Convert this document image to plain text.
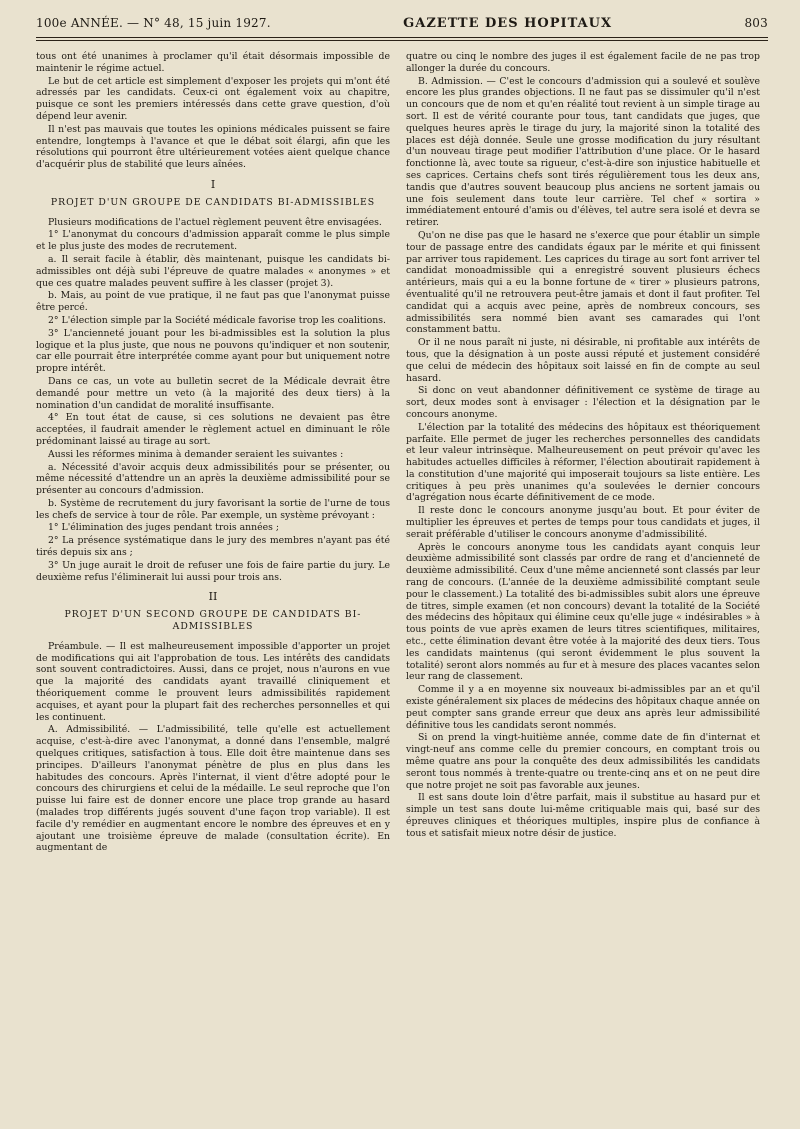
100e ANNÉE. — N° 48, 15 juin 1927.	GAZETTE DES HOPITAUX	803

tous ont été unanimes à proclamer qu'il était désormais impossible de maintenir le régime actuel.

Le but de cet article est simplement d'exposer les projets qui m'ont été adressés par les candidats. Ceux-ci ont également voix au chapitre, puisque ce sont les premiers intéressés dans cette grave question, d'où dépend leur avenir.

Il n'est pas mauvais que toutes les opinions médicales puissent se faire entendre, longtemps à l'avance et que le débat soit élargi, afin que les résolutions qui pourront être ultérieurement votées aient quelque chance d'acquérir plus de stabilité que leurs aînées.

I
PROJET D'UN GROUPE DE CANDIDATS BI-ADMISSIBLES

Plusieurs modifications de l'actuel règlement peuvent être envisagées.

1° L'anonymat du concours d'admission apparaît comme le plus simple et le plus juste des modes de recrutement.

a. Il serait facile à établir, dès maintenant, puisque les candidats bi-admissibles ont déjà subi l'épreuve de quatre malades « anonymes » et que ces quatre malades peuvent suffire à les classer (projet 3).

b. Mais, au point de vue pratique, il ne faut pas que l'anonymat puisse être percé.

2° L'élection simple par la Société médicale favorise trop les coalitions.

3° L'ancienneté jouant pour les bi-admissibles est la solution la plus logique et la plus juste, que nous ne pouvons qu'indiquer et non soutenir, car elle pourrait être interprétée comme ayant pour but uniquement notre propre intérêt.

Dans ce cas, un vote au bulletin secret de la Médicale devrait être demandé pour mettre un veto (à la majorité des deux tiers) à la nomination d'un candidat de moralité insuffisante.

4° En tout état de cause, si ces solutions ne devaient pas être acceptées, il faudrait amender le règlement actuel en diminuant le rôle prédominant laissé au tirage au sort.

Aussi les réformes minima à demander seraient les suivantes :

a. Nécessité d'avoir acquis deux admissibilités pour se présenter, ou même nécessité d'attendre un an après la deuxième admissibilité pour se présenter au concours d'admission.

b. Système de recrutement du jury favorisant la sortie de l'urne de tous les chefs de service à tour de rôle. Par exemple, un système prévoyant :

1° L'élimination des juges pendant trois années ;

2° La présence systématique dans le jury des membres n'ayant pas été tirés depuis six ans ;

3° Un juge aurait le droit de refuser une fois de faire partie du jury. Le deuxième refus l'éliminerait lui aussi pour trois ans.

II
PROJET D'UN SECOND GROUPE DE CANDIDATS BI-ADMISSIBLES

Préambule. — Il est malheureusement impossible d'apporter un projet de modifications qui ait l'approbation de tous. Les intérêts des candidats sont souvent contradictoires. Aussi, dans ce projet, nous n'aurons en vue que la majorité des candidats ayant travaillé cliniquement et théoriquement comme le prouvent leurs admissibilités rapidement acquises, et ayant pour la plupart fait des recherches personnelles et qui les continuent.

A. Admissibilité. — L'admissibilité, telle qu'elle est actuellement acquise, c'est-à-dire avec l'anonymat, a donné dans l'ensemble, malgré quelques critiques, satisfaction à tous. Elle doit être maintenue dans ses principes. D'ailleurs l'anonymat pénètre de plus en plus dans les habitudes des concours. Après l'internat, il vient d'être adopté pour le concours des chirurgiens et celui de la médaille. Le seul reproche que l'on puisse lui faire est de donner encore une place trop grande au hasard (malades trop différents jugés souvent d'une façon trop variable). Il est facile d'y remédier en augmentant encore le nombre des épreuves et en y ajoutant une troisième épreuve de malade (consultation écrite). En augmentant de

quatre ou cinq le nombre des juges il est également facile de ne pas trop allonger la durée du concours.

B. Admission. — C'est le concours d'admission qui a soulevé et soulève encore les plus grandes objections. Il ne faut pas se dissimuler qu'il n'est un concours que de nom et qu'en réalité tout revient à un simple tirage au sort. Il est de vérité courante pour tous, tant candidats que juges, que quelques heures après le tirage du jury, la majorité sinon la totalité des places est déjà donnée. Seule une grosse modification du jury résultant d'un nouveau tirage peut modifier l'attribution d'une place. Or le hasard fonctionne là, avec toute sa rigueur, c'est-à-dire son injustice habituelle et ses caprices. Certains chefs sont tirés régulièrement tous les deux ans, tandis que d'autres souvent beaucoup plus anciens ne sortent jamais ou une fois seulement dans toute leur carrière. Tel chef « sortira » immédiatement entouré d'amis ou d'élèves, tel autre sera isolé et devra se retirer.

Qu'on ne dise pas que le hasard ne s'exerce que pour établir un simple tour de passage entre des candidats égaux par le mérite et qui finissent par arriver tous rapidement. Les caprices du tirage au sort font arriver tel candidat monoadmissible qui a enregistré souvent plusieurs échecs antérieurs, mais qui a eu la bonne fortune de « tirer » plusieurs patrons, éventualité qu'il ne retrouvera peut-être jamais et dont il faut profiter. Tel candidat qui a acquis avec peine, après de nombreux concours, ses admissibilités sera nommé bien avant ses camarades qui l'ont constamment battu.

Or il ne nous paraît ni juste, ni désirable, ni profitable aux intérêts de tous, que la désignation à un poste aussi réputé et justement considéré que celui de médecin des hôpitaux soit laissé en fin de compte au seul hasard.

Si donc on veut abandonner définitivement ce système de tirage au sort, deux modes sont à envisager : l'élection et la désignation par le concours anonyme.

L'élection par la totalité des médecins des hôpitaux est théoriquement parfaite. Elle permet de juger les recherches personnelles des candidats et leur valeur intrinsèque. Malheureusement on peut prévoir qu'avec les habitudes actuelles difficiles à réformer, l'élection aboutirait rapidement à la constitution d'une majorité qui imposerait toujours sa liste entière. Les critiques à peu près unanimes qu'a soulevées le dernier concours d'agrégation nous écarte définitivement de ce mode.

Il reste donc le concours anonyme jusqu'au bout. Et pour éviter de multiplier les épreuves et pertes de temps pour tous candidats et juges, il serait préférable d'utiliser le concours anonyme d'admissibilité.

Après le concours anonyme tous les candidats ayant conquis leur deuxième admissibilité sont classés par ordre de rang et d'ancienneté de deuxième admissibilité. Ceux d'une même ancienneté sont classés par leur rang de concours. (L'année de la deuxième admissibilité comptant seule pour le classement.) La totalité des bi-admissibles subit alors une épreuve de titres, simple examen (et non concours) devant la totalité de la Société des médecins des hôpitaux qui élimine ceux qu'elle juge « indésirables » à tous points de vue après examen de leurs titres scientifiques, militaires, etc., cette élimination devant être votée à la majorité des deux tiers. Tous les candidats maintenus (qui seront évidemment le plus souvent la totalité) seront alors nommés au fur et à mesure des places vacantes selon leur rang de classement.

Comme il y a en moyenne six nouveaux bi-admissibles par an et qu'il existe généralement six places de médecins des hôpitaux chaque année on peut compter sans grande erreur que deux ans après leur admissibilité définitive tous les candidats seront nommés.

Si on prend la vingt-huitième année, comme date de fin d'internat et vingt-neuf ans comme celle du premier concours, en comptant trois ou même quatre ans pour la conquête des deux admissibilités les candidats seront tous nommés à trente-quatre ou trente-cinq ans et on ne peut dire que notre projet ne soit pas favorable aux jeunes.

Il est sans doute loin d'être parfait, mais il substitue au hasard pur et simple un test sans doute lui-même critiquable mais qui, basé sur des épreuves cliniques et théoriques multiples, inspire plus de confiance à tous et satisfait mieux notre désir de justice.
